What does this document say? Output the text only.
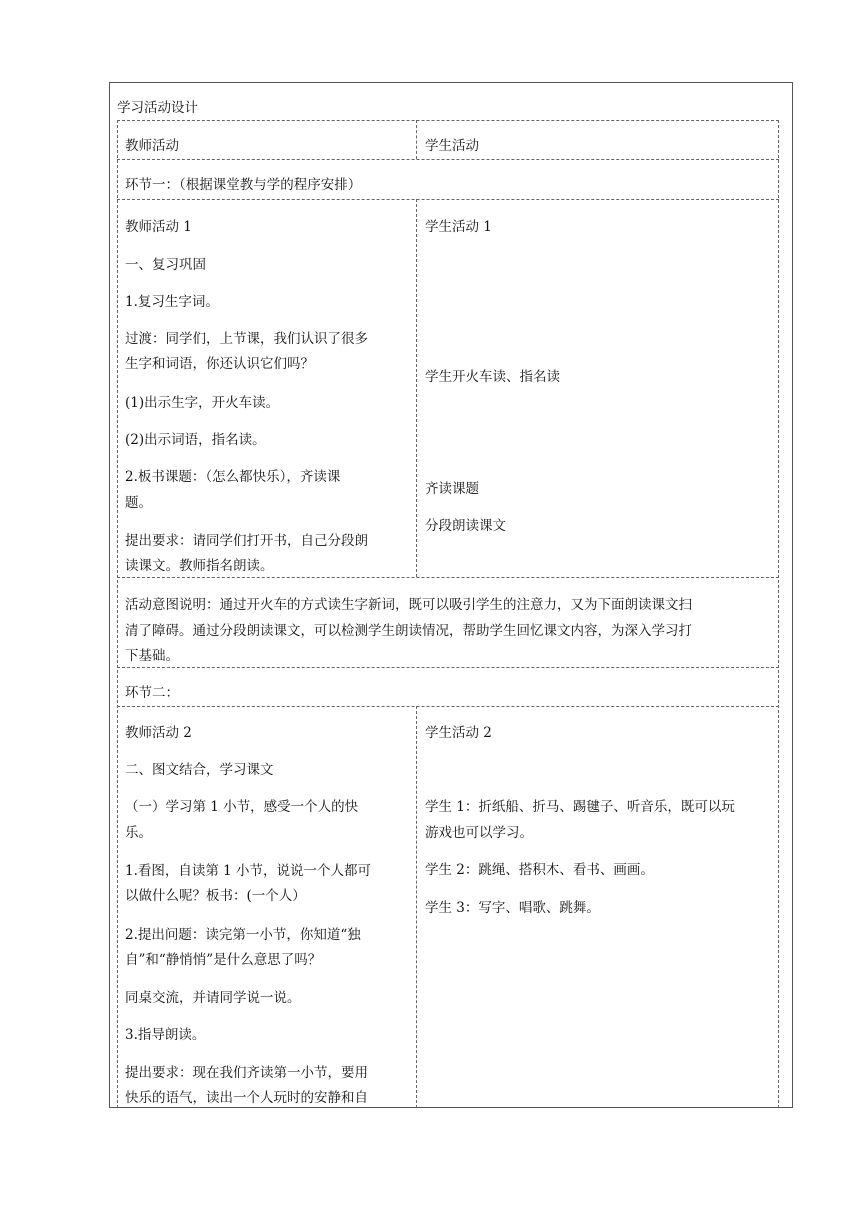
学习活动设计
教师活动	学生活动
环节一：（根据课堂教与学的程序安排）
教师活动 1
一、复习巩固
1.复习生字词。
过渡：同学们，上节课，我们认识了很多
生字和词语，你还认识它们吗？
(1)出示生字，开火车读。
(2)出示词语，指名读。
2.板书课题：（怎么都快乐），齐读课
题。
提出要求：请同学们打开书，自己分段朗
读课文。教师指名朗读。
学生活动 1
学生开火车读、指名读
齐读课题
分段朗读课文
活动意图说明：通过开火车的方式读生字新词，既可以吸引学生的注意力，又为下面朗读课文扫
清了障碍。通过分段朗读课文，可以检测学生朗读情况，帮助学生回忆课文内容，为深入学习打
下基础。
环节二：
教师活动 2
二、图文结合，学习课文
（一）学习第 1 小节，感受一个人的快
乐。
1.看图，自读第 1 小节，说说一个人都可
以做什么呢？板书：(一个人）
2.提出问题：读完第一小节，你知道“独
自”和“静悄悄”是什么意思了吗？
同桌交流，并请同学说一说。
3.指导朗读。
提出要求：现在我们齐读第一小节，要用
快乐的语气，读出一个人玩时的安静和自
学生活动 2
学生 1：折纸船、折马、踢毽子、听音乐，既可以玩
游戏也可以学习。
学生 2：跳绳、搭积木、看书、画画。
学生 3：写字、唱歌、跳舞。
